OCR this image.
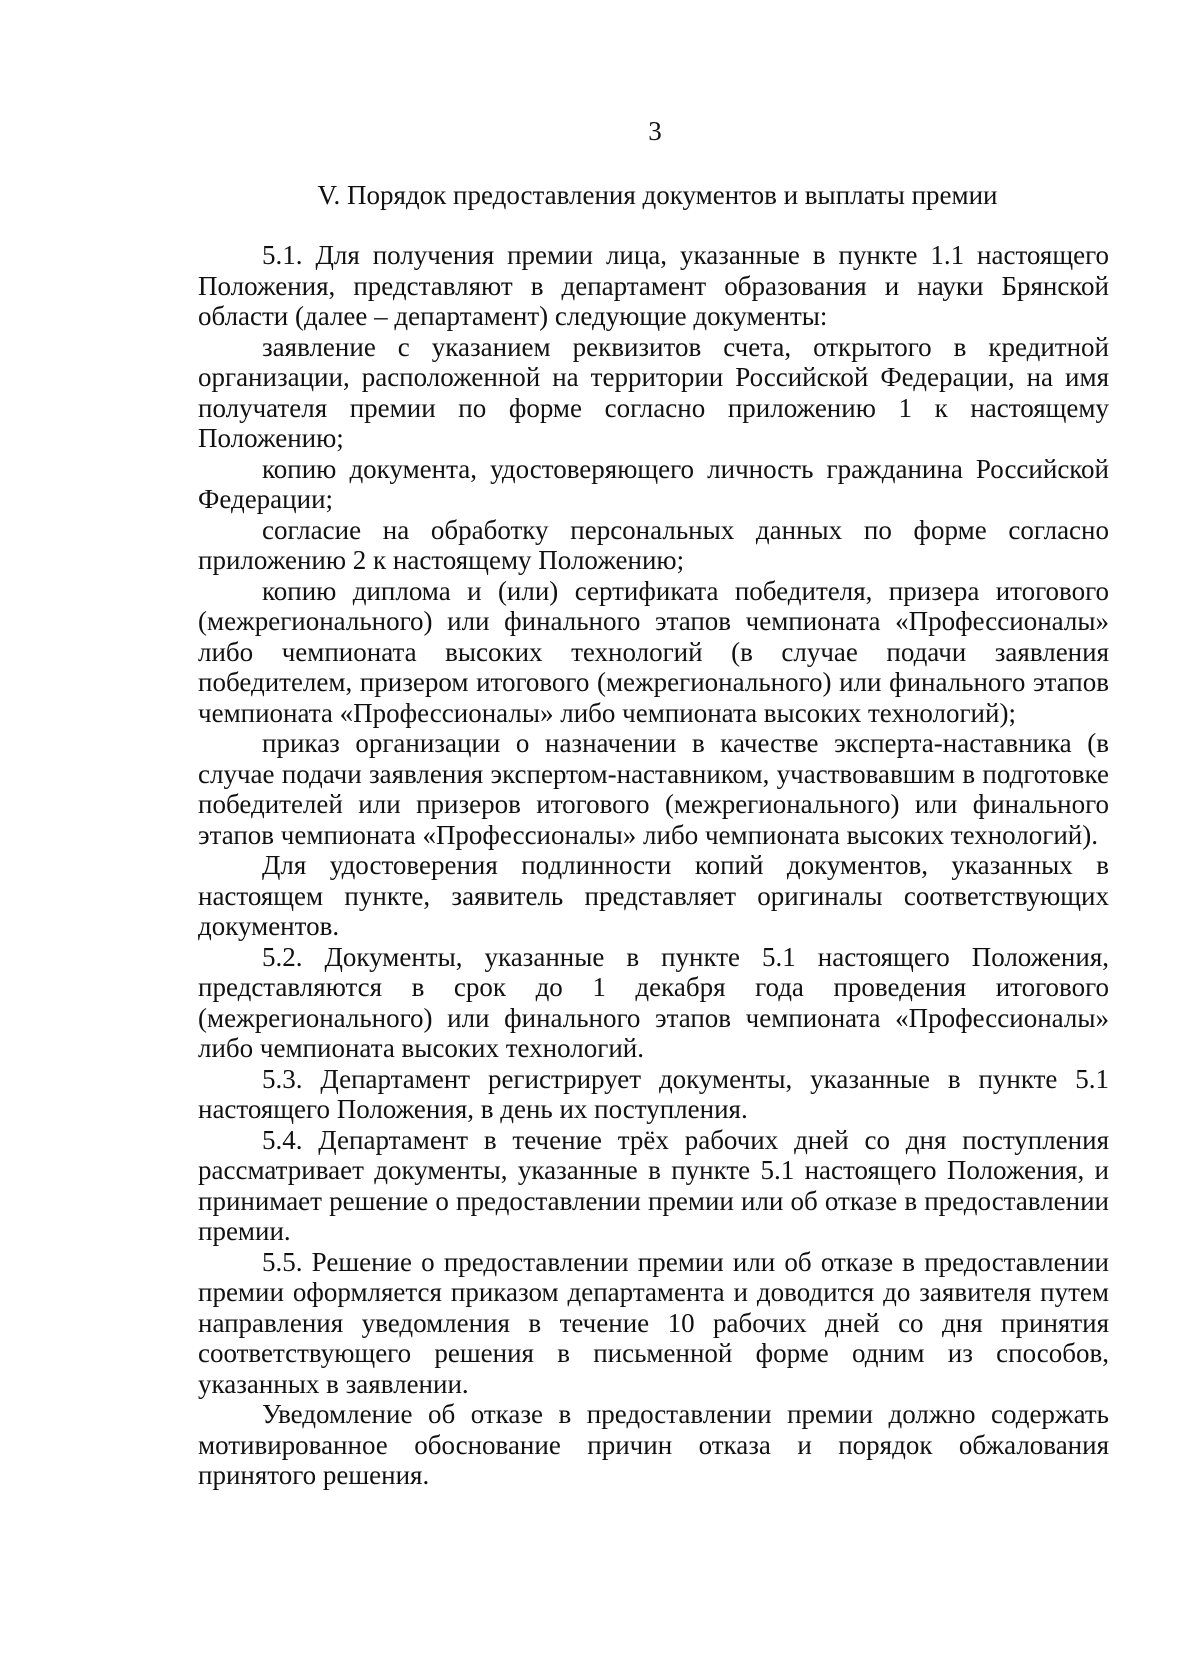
3
V. Порядок предоставления документов и выплаты премии

5.1. Для получения премии лица, указанные в пункте 1.1 настоящего Положения, представляют в департамент образования и науки Брянской области (далее – департамент) следующие документы:

заявление с указанием реквизитов счета, открытого в кредитной организации, расположенной на территории Российской Федерации, на имя получателя премии по форме согласно приложению 1 к настоящему Положению;

копию документа, удостоверяющего личность гражданина Российской Федерации;

согласие на обработку персональных данных по форме согласно приложению 2 к настоящему Положению;

копию диплома и (или) сертификата победителя, призера итогового (межрегионального) или финального этапов чемпионата «Профессионалы» либо чемпионата высоких технологий (в случае подачи заявления победителем, призером итогового (межрегионального) или финального этапов чемпионата «Профессионалы» либо чемпионата высоких технологий);

приказ организации о назначении в качестве эксперта-наставника (в случае подачи заявления экспертом-наставником, участвовавшим в подготовке победителей или призеров итогового (межрегионального) или финального этапов чемпионата «Профессионалы» либо чемпионата высоких технологий).

Для удостоверения подлинности копий документов, указанных в настоящем пункте, заявитель представляет оригиналы соответствующих документов.

5.2. Документы, указанные в пункте 5.1 настоящего Положения, представляются в срок до 1 декабря года проведения итогового (межрегионального) или финального этапов чемпионата «Профессионалы» либо чемпионата высоких технологий.

5.3. Департамент регистрирует документы, указанные в пункте 5.1 настоящего Положения, в день их поступления.

5.4. Департамент в течение трёх рабочих дней со дня поступления рассматривает документы, указанные в пункте 5.1 настоящего Положения, и принимает решение о предоставлении премии или об отказе в предоставлении премии.

5.5. Решение о предоставлении премии или об отказе в предоставлении премии оформляется приказом департамента и доводится до заявителя путем направления уведомления в течение 10 рабочих дней со дня принятия соответствующего решения в письменной форме одним из способов, указанных в заявлении.

Уведомление об отказе в предоставлении премии должно содержать мотивированное обоснование причин отказа и порядок обжалования принятого решения.
